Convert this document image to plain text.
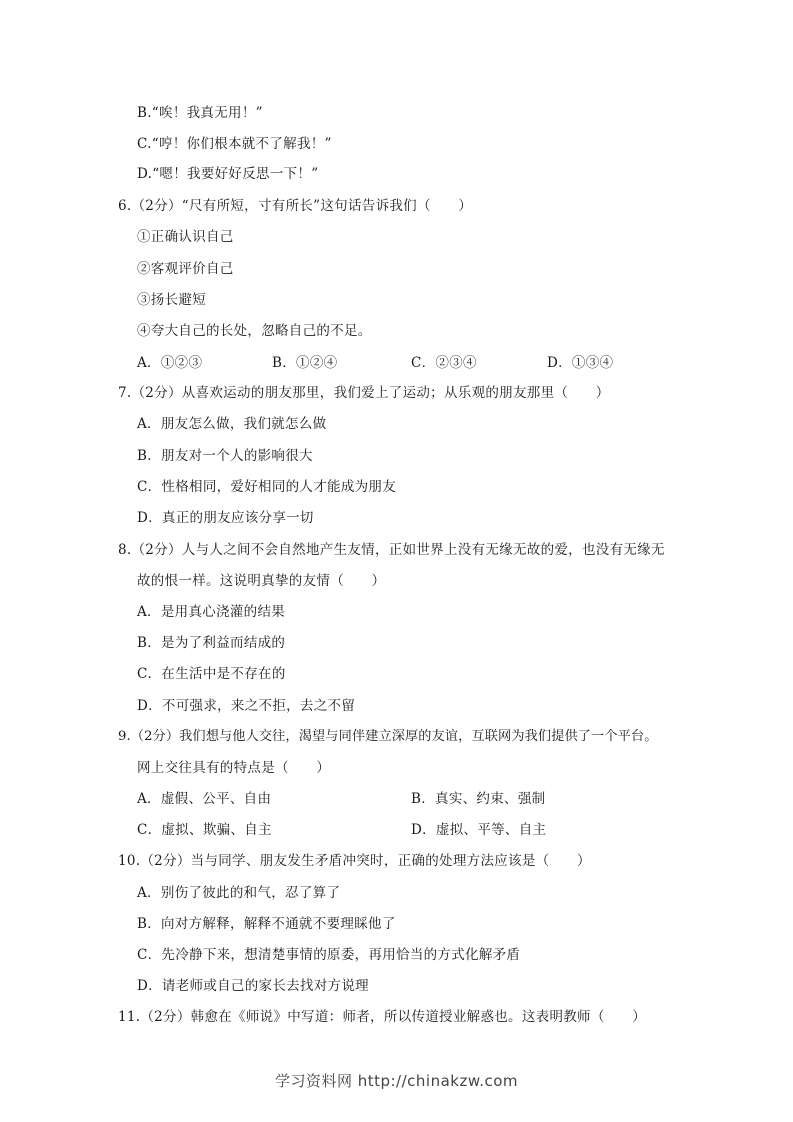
B.“唉！我真无用！”
C.“哼！你们根本就不了解我！”
D.“嗯！我要好好反思一下！”
6.（2分）“尺有所短，寸有所长”这句话告诉我们（　　）
①正确认识自己
②客观评价自己
③扬长避短
④夸大自己的长处，忽略自己的不足。
A．①②③	B．①②④	C．②③④	D．①③④
7.（2分）从喜欢运动的朋友那里，我们爱上了运动；从乐观的朋友那里（　　）
A．朋友怎么做，我们就怎么做
B．朋友对一个人的影响很大
C．性格相同，爱好相同的人才能成为朋友
D．真正的朋友应该分享一切
8.（2分）人与人之间不会自然地产生友情，正如世界上没有无缘无故的爱，也没有无缘无
故的恨一样。这说明真挚的友情（　　）
A．是用真心浇灌的结果
B．是为了利益而结成的
C．在生活中是不存在的
D．不可强求，来之不拒，去之不留
9.（2分）我们想与他人交往，渴望与同伴建立深厚的友谊，互联网为我们提供了一个平台。
网上交往具有的特点是（　　）
A．虚假、公平、自由	B．真实、约束、强制
C．虚拟、欺骗、自主	D．虚拟、平等、自主
10.（2分）当与同学、朋友发生矛盾冲突时，正确的处理方法应该是（　　）
A．别伤了彼此的和气，忍了算了
B．向对方解释，解释不通就不要理睬他了
C．先冷静下来，想清楚事情的原委，再用恰当的方式化解矛盾
D．请老师或自己的家长去找对方说理
11.（2分）韩愈在《师说》中写道：师者，所以传道授业解惑也。这表明教师（　　）
学习资料网 http://chinakzw.com
